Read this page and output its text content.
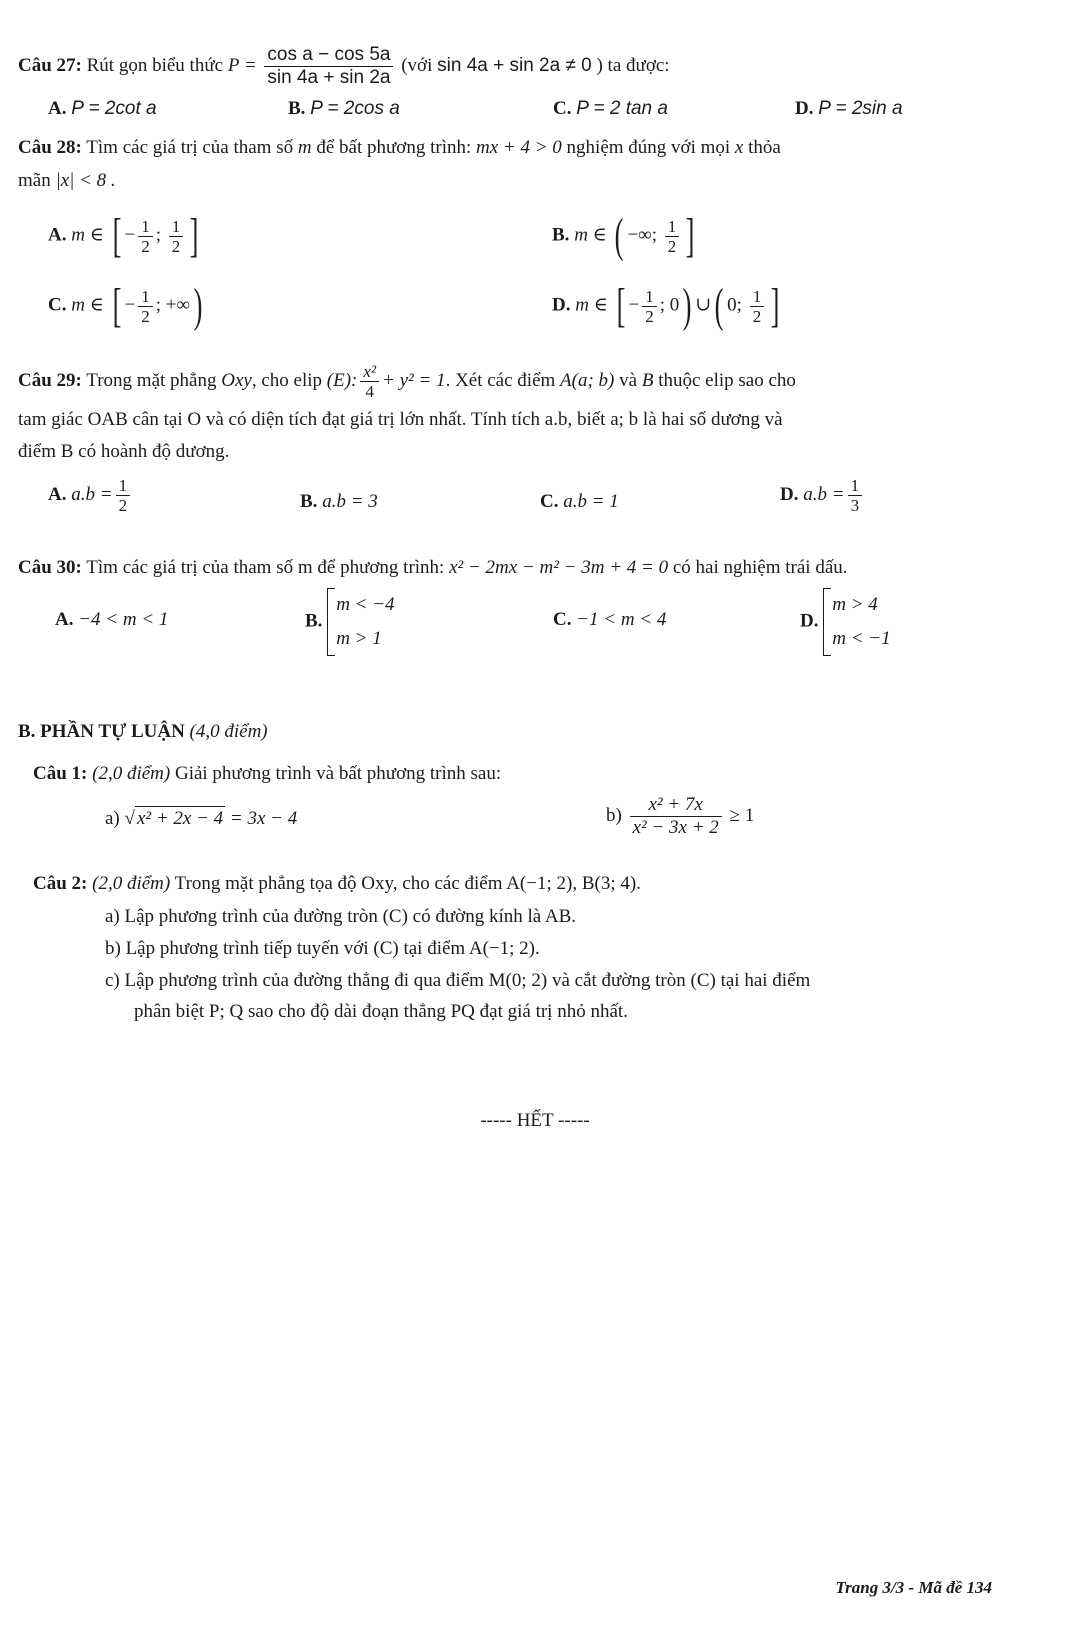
Câu 27: Rút gọn biểu thức $P = \frac{\text{cos a − cos 5a}}{\sin 4a + \sin 2a}$ (với sin 4a + sin 2a ≠ 0 ) ta được:
A. P = 2cot a	B. P = 2cos a	C. P = 2 tan a	D. P = 2sin a
Câu 28: Tìm các giá trị của tham số m để bất phương trình: mx + 4 > 0 nghiệm đúng với mọi x thỏa
mãn |x| < 8 .
A. m ∈ [ − $\frac{1}{2}$ ; $\frac{1}{2}$ ]	B. m ∈ ( −∞; $\frac{1}{2}$ ]
C. m ∈ [ − $\frac{1}{2}$ ; +∞)	D. m ∈ [ − $\frac{1}{2}$ ; 0) ∪( 0; $\frac{1}{2}$ ]
Câu 29: Trong mặt phẳng Oxy, cho elip (E): $\frac{\text{x²}}{4} + y^2 = 1$. Xét các điểm A(a; b) và B thuộc elip sao cho
tam giác OAB cân tại O và có diện tích đạt giá trị lớn nhất. Tính tích a.b, biết a; b là hai số dương và
điểm B có hoành độ dương.
A. $a.b = \frac{1}{2}$	B. a.b = 3	C. a.b = 1	D. $a.b = \frac{1}{3}$
Câu 30: Tìm các giá trị của tham số m để phương trình: x² − 2mx − m² − 3m + 4 = 0 có hai nghiệm trái dấu.
A. −4 < m < 1	B.
m < −4
m > 1
C. −1 < m < 4	D.
m > 4
m < −1
B. PHẦN TỰ LUẬN (4,0 điểm)
Câu 1: (2,0 điểm) Giải phương trình và bất phương trình sau:
a) √ x² + 2x − 4 = 3x − 4	$b) \frac{\text{x² + 7x}}{\text{x² − 3x + 2}} \ge 1$
Câu 2: (2,0 điểm) Trong mặt phẳng tọa độ Oxy, cho các điểm A(−1; 2), B(3; 4).
a) Lập phương trình của đường tròn (C) có đường kính là AB.
b) Lập phương trình tiếp tuyến với (C) tại điểm A(−1; 2).
c) Lập phương trình của đường thẳng đi qua điểm M(0; 2) và cắt đường tròn (C) tại hai điểm
phân biệt P; Q sao cho độ dài đoạn thẳng PQ đạt giá trị nhỏ nhất.
----- HẾT -----
Trang 3/3 - Mã đề 134
